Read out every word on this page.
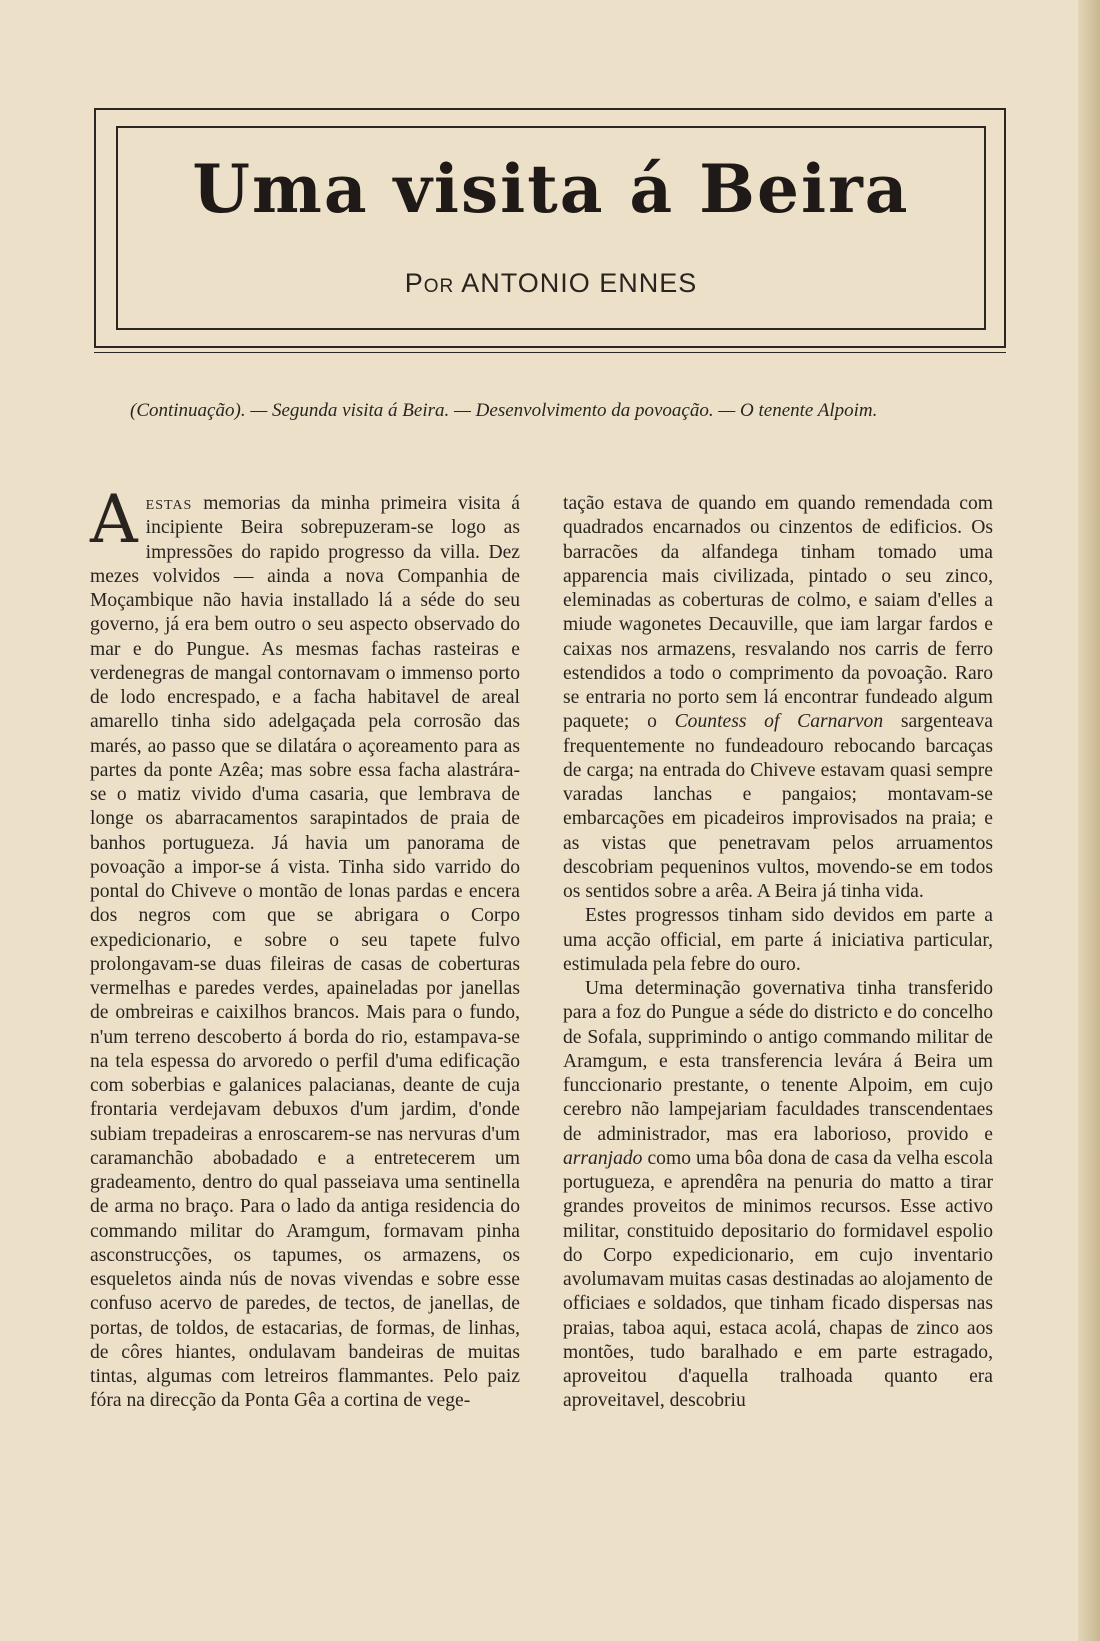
Uma visita á Beira

Por ANTONIO ENNES

(Continuação). — Segunda visita á Beira. — Desenvolvimento da povoação. — O tenente Alpoim.

Aestas memorias da minha primeira visita á incipiente Beira sobrepuzeram-se logo as impressões do rapido progresso da villa. Dez mezes volvidos — ainda a nova Companhia de Moçambique não havia installado lá a séde do seu governo, já era bem outro o seu aspecto observado do mar e do Pungue. As mesmas fachas rasteiras e verdenegras de mangal contornavam o immenso porto de lodo encrespado, e a facha habitavel de areal amarello tinha sido adelgaçada pela corrosão das marés, ao passo que se dilatára o açoreamento para as partes da ponte Azêa; mas sobre essa facha alastrára-se o matiz vivido d'uma casaria, que lembrava de longe os abarracamentos sarapintados de praia de banhos portugueza. Já havia um panorama de povoação a impor-se á vista. Tinha sido varrido do pontal do Chiveve o montão de lonas pardas e encera dos negros com que se abrigara o Corpo expedicionario, e sobre o seu tapete fulvo prolongavam-se duas fileiras de casas de coberturas vermelhas e paredes verdes, apaineladas por janellas de ombreiras e caixilhos brancos. Mais para o fundo, n'um terreno descoberto á borda do rio, estampava-se na tela espessa do arvoredo o perfil d'uma edificação com soberbias e galanices palacianas, deante de cuja frontaria verdejavam debuxos d'um jardim, d'onde subiam trepadeiras a enroscarem-se nas nervuras d'um caramanchão abobadado e a entretecerem um gradeamento, dentro do qual passeiava uma sentinella de arma no braço. Para o lado da antiga residencia do commando militar do Aramgum, formavam pinha asconstrucções, os tapumes, os armazens, os esqueletos ainda nús de novas vivendas e sobre esse confuso acervo de paredes, de tectos, de janellas, de portas, de toldos, de estacarias, de formas, de linhas, de côres hiantes, ondulavam bandeiras de muitas tintas, algumas com letreiros flammantes. Pelo paiz fóra na direcção da Ponta Gêa a cortina de vege-

tação estava de quando em quando remendada com quadrados encarnados ou cinzentos de edificios. Os barracões da alfandega tinham tomado uma apparencia mais civilizada, pintado o seu zinco, eleminadas as coberturas de colmo, e saiam d'elles a miude wagonetes Decauville, que iam largar fardos e caixas nos armazens, resvalando nos carris de ferro estendidos a todo o comprimento da povoação. Raro se entraria no porto sem lá encontrar fundeado algum paquete; o Countess of Carnarvon sargenteava frequentemente no fundeadouro rebocando barcaças de carga; na entrada do Chiveve estavam quasi sempre varadas lanchas e pangaios; montavam-se embarcações em picadeiros improvisados na praia; e as vistas que penetravam pelos arruamentos descobriam pequeninos vultos, movendo-se em todos os sentidos sobre a arêa. A Beira já tinha vida.

Estes progressos tinham sido devidos em parte a uma acção official, em parte á iniciativa particular, estimulada pela febre do ouro.

Uma determinação governativa tinha transferido para a foz do Pungue a séde do districto e do concelho de Sofala, supprimindo o antigo commando militar de Aramgum, e esta transferencia levára á Beira um funccionario prestante, o tenente Alpoim, em cujo cerebro não lampejariam faculdades transcendentaes de administrador, mas era laborioso, provido e arranjado como uma bôa dona de casa da velha escola portugueza, e aprendêra na penuria do matto a tirar grandes proveitos de minimos recursos. Esse activo militar, constituido depositario do formidavel espolio do Corpo expedicionario, em cujo inventario avolumavam muitas casas destinadas ao alojamento de officiaes e soldados, que tinham ficado dispersas nas praias, taboa aqui, estaca acolá, chapas de zinco aos montões, tudo baralhado e em parte estragado, aproveitou d'aquella tralhoada quanto era aproveitavel, descobriu
